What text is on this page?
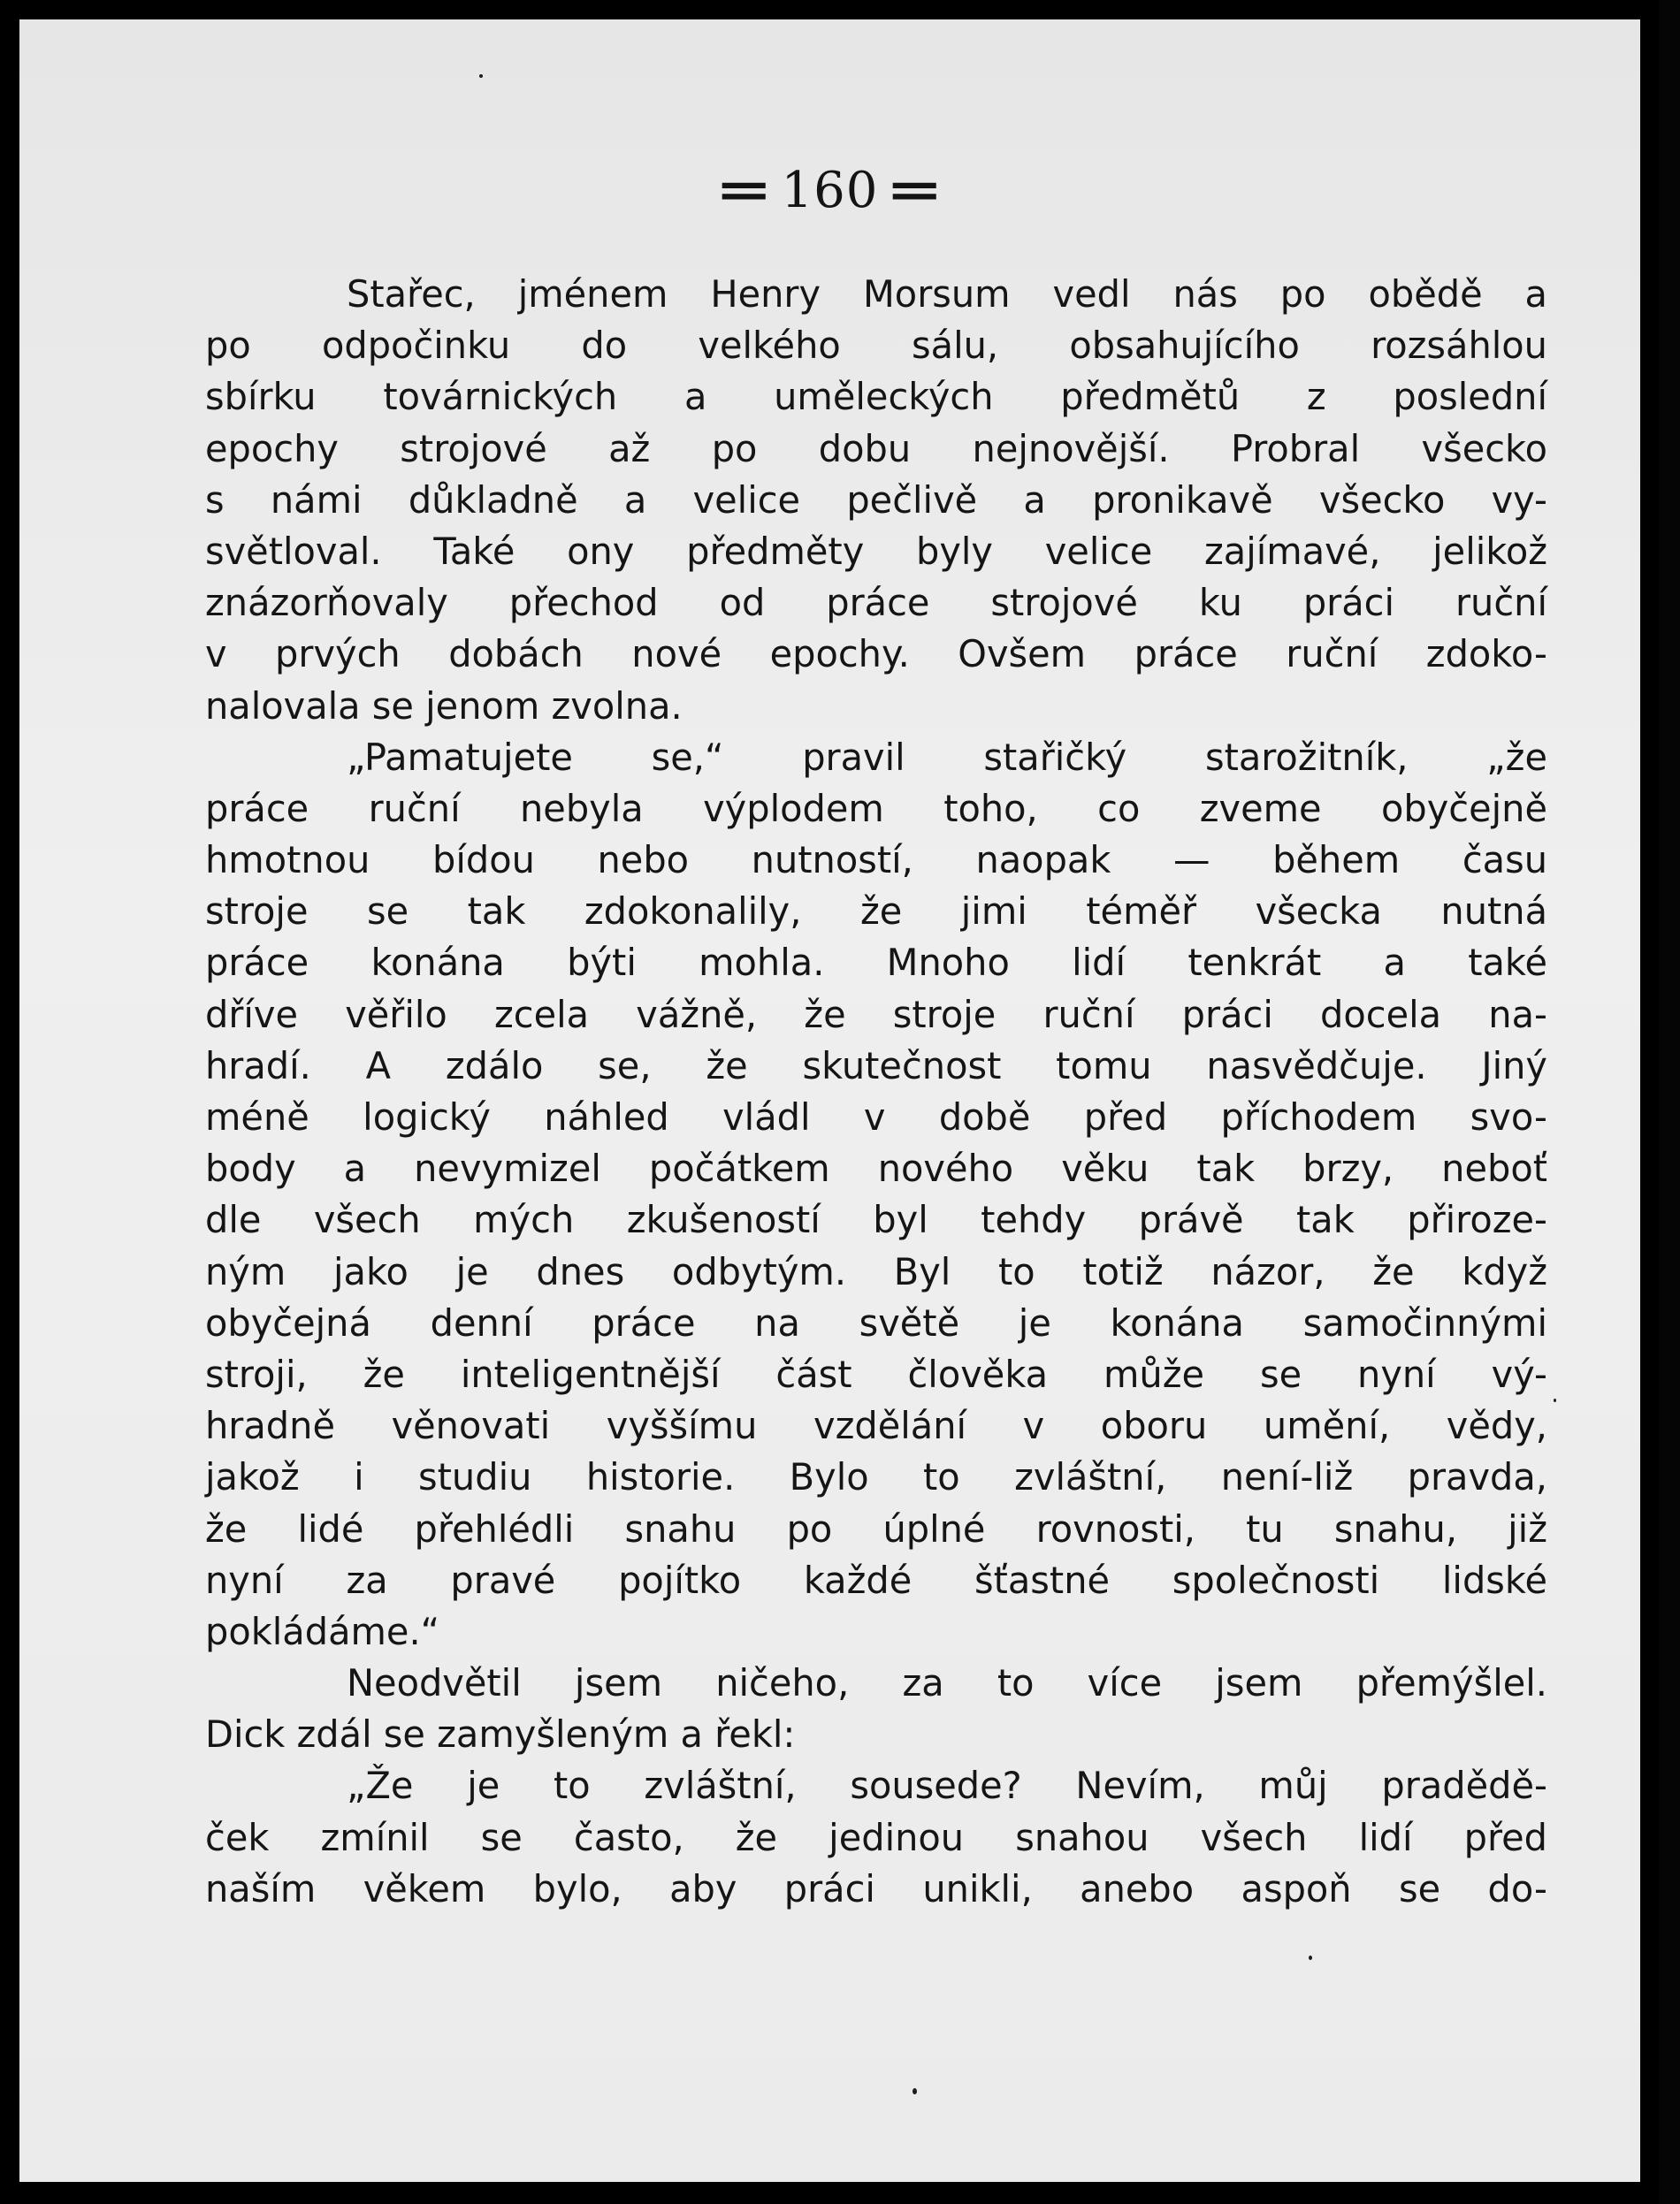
= 160 =
Stařec, jménem Henry Morsum vedl nás po obědě a
po odpočinku do velkého sálu, obsahujícího rozsáhlou
sbírku továrnických a uměleckých předmětů z poslední
epochy strojové až po dobu nejnovější. Probral všecko
s námi důkladně a velice pečlivě a pronikavě všecko vy-
světloval. Také ony předměty byly velice zajímavé, jelikož
znázorňovaly přechod od práce strojové ku práci ruční
v prvých dobách nové epochy. Ovšem práce ruční zdoko-
nalovala se jenom zvolna.
„Pamatujete se,“ pravil stařičký starožitník, „že
práce ruční nebyla výplodem toho, co zveme obyčejně
hmotnou bídou nebo nutností, naopak — během času
stroje se tak zdokonalily, že jimi téměř všecka nutná
práce konána býti mohla. Mnoho lidí tenkrát a také
dříve věřilo zcela vážně, že stroje ruční práci docela na-
hradí. A zdálo se, že skutečnost tomu nasvědčuje. Jiný
méně logický náhled vládl v době před příchodem svo-
body a nevymizel počátkem nového věku tak brzy, neboť
dle všech mých zkušeností byl tehdy právě tak přiroze-
ným jako je dnes odbytým. Byl to totiž názor, že když
obyčejná denní práce na světě je konána samočinnými
stroji, že inteligentnější část člověka může se nyní vý-
hradně věnovati vyššímu vzdělání v oboru umění, vědy,
jakož i studiu historie. Bylo to zvláštní, není-liž pravda,
že lidé přehlédli snahu po úplné rovnosti, tu snahu, již
nyní za pravé pojítko každé šťastné společnosti lidské
pokládáme.“
Neodvětil jsem ničeho, za to více jsem přemýšlel.
Dick zdál se zamyšleným a řekl:
„Že je to zvláštní, sousede? Nevím, můj pradědě-
ček zmínil se často, že jedinou snahou všech lidí před
naším věkem bylo, aby práci unikli, anebo aspoň se do-
